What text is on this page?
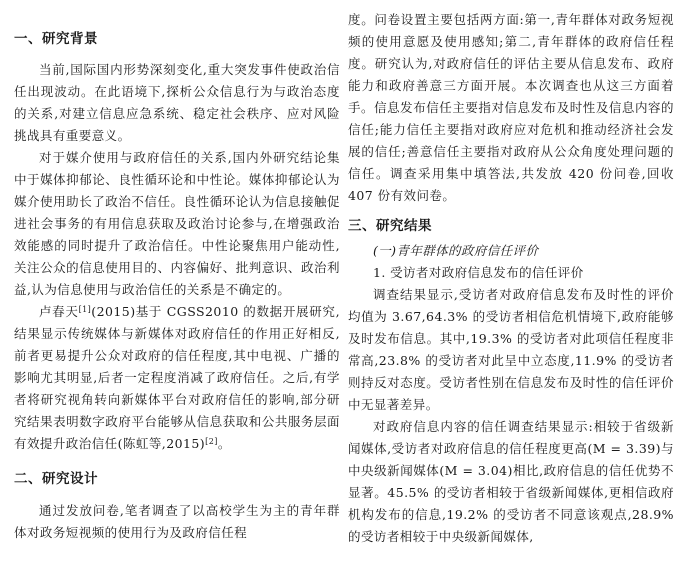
一、研究背景

当前,国际国内形势深刻变化,重大突发事件使政治信任出现波动。在此语境下,探析公众信息行为与政治态度的关系,对建立信息应急系统、稳定社会秩序、应对风险挑战具有重要意义。

对于媒介使用与政府信任的关系,国内外研究结论集中于媒体抑郁论、良性循环论和中性论。媒体抑郁论认为媒介使用助长了政治不信任。良性循环论认为信息接触促进社会事务的有用信息获取及政治讨论参与,在增强政治效能感的同时提升了政治信任。中性论聚焦用户能动性,关注公众的信息使用目的、内容偏好、批判意识、政治利益,认为信息使用与政治信任的关系是不确定的。

卢春天[1](2015)基于 CGSS2010 的数据开展研究,结果显示传统媒体与新媒体对政府信任的作用正好相反,前者更易提升公众对政府的信任程度,其中电视、广播的影响尤其明显,后者一定程度消减了政府信任。之后,有学者将研究视角转向新媒体平台对政府信任的影响,部分研究结果表明数字政府平台能够从信息获取和公共服务层面有效提升政治信任(陈虹等,2015)[2]。

二、研究设计

通过发放问卷,笔者调查了以高校学生为主的青年群体对政务短视频的使用行为及政府信任程

度。问卷设置主要包括两方面:第一,青年群体对政务短视频的使用意愿及使用感知;第二,青年群体的政府信任程度。研究认为,对政府信任的评估主要从信息发布、政府能力和政府善意三方面开展。本次调查也从这三方面着手。信息发布信任主要指对信息发布及时性及信息内容的信任;能力信任主要指对政府应对危机和推动经济社会发展的信任;善意信任主要指对政府从公众角度处理问题的信任。调查采用集中填答法,共发放 420 份问卷,回收 407 份有效问卷。

三、研究结果
(一)青年群体的政府信任评价
1. 受访者对政府信息发布的信任评价

调查结果显示,受访者对政府信息发布及时性的评价均值为 3.67,64.3% 的受访者相信危机情境下,政府能够及时发布信息。其中,19.3% 的受访者对此项信任程度非常高,23.8% 的受访者对此呈中立态度,11.9% 的受访者则持反对态度。受访者性别在信息发布及时性的信任评价中无显著差异。

对政府信息内容的信任调查结果显示:相较于省级新闻媒体,受访者对政府信息的信任程度更高(M = 3.39)与中央级新闻媒体(M = 3.04)相比,政府信息的信任优势不显著。45.5% 的受访者相较于省级新闻媒体,更相信政府机构发布的信息,19.2% 的受访者不同意该观点,28.9% 的受访者相较于中央级新闻媒体,
